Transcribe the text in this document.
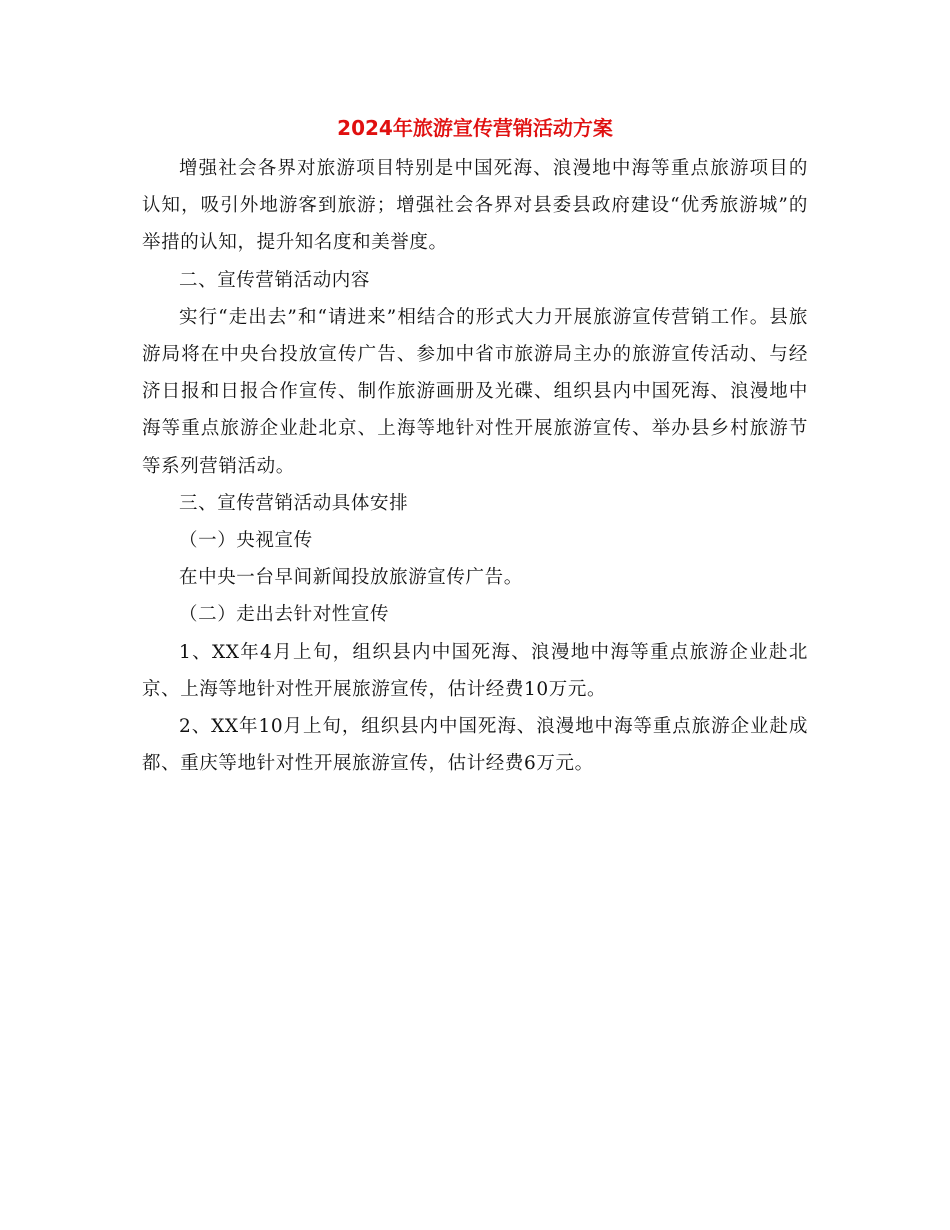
2024年旅游宣传营销活动方案

增强社会各界对旅游项目特别是中国死海、浪漫地中海等重点旅游项目的认知，吸引外地游客到旅游；增强社会各界对县委县政府建设“优秀旅游城”的举措的认知，提升知名度和美誉度。

二、宣传营销活动内容

实行“走出去”和“请进来”相结合的形式大力开展旅游宣传营销工作。县旅游局将在中央台投放宣传广告、参加中省市旅游局主办的旅游宣传活动、与经济日报和日报合作宣传、制作旅游画册及光碟、组织县内中国死海、浪漫地中海等重点旅游企业赴北京、上海等地针对性开展旅游宣传、举办县乡村旅游节等系列营销活动。

三、宣传营销活动具体安排

（一）央视宣传

在中央一台早间新闻投放旅游宣传广告。

（二）走出去针对性宣传

1、XX年4月上旬，组织县内中国死海、浪漫地中海等重点旅游企业赴北京、上海等地针对性开展旅游宣传，估计经费10万元。

2、XX年10月上旬，组织县内中国死海、浪漫地中海等重点旅游企业赴成都、重庆等地针对性开展旅游宣传，估计经费6万元。
